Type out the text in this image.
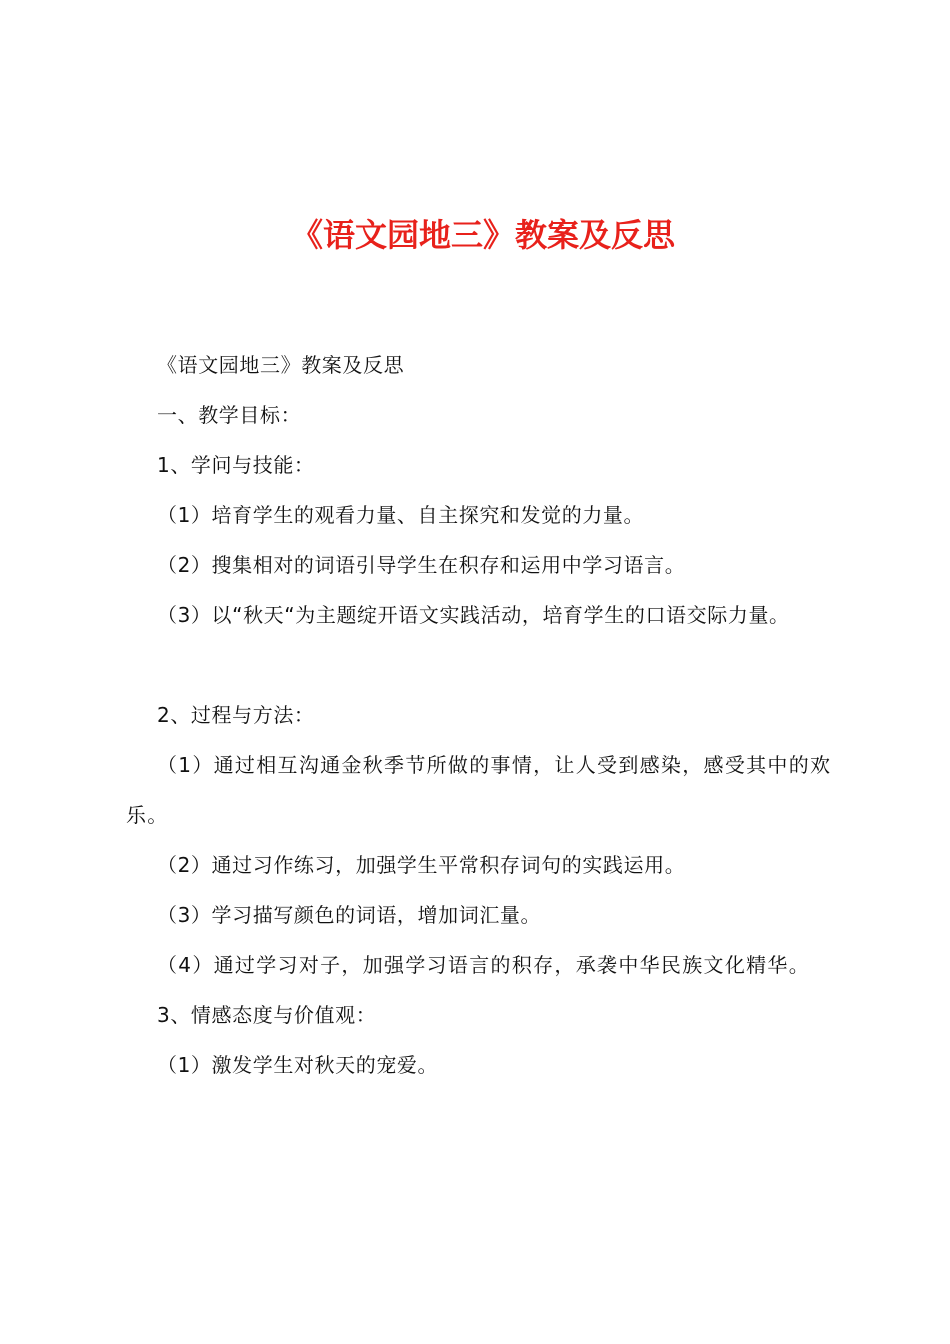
《语文园地三》教案及反思

《语文园地三》教案及反思

一、教学目标：

1、学问与技能：

（1）培育学生的观看力量、自主探究和发觉的力量。

（2）搜集相对的词语引导学生在积存和运用中学习语言。

（3）以“秋天“为主题绽开语文实践活动，培育学生的口语交际力量。

2、过程与方法：

（1）通过相互沟通金秋季节所做的事情，让人受到感染，感受其中的欢乐。

（2）通过习作练习，加强学生平常积存词句的实践运用。

（3）学习描写颜色的词语，增加词汇量。

（4）通过学习对子，加强学习语言的积存，承袭中华民族文化精华。

3、情感态度与价值观：

（1）激发学生对秋天的宠爱。
